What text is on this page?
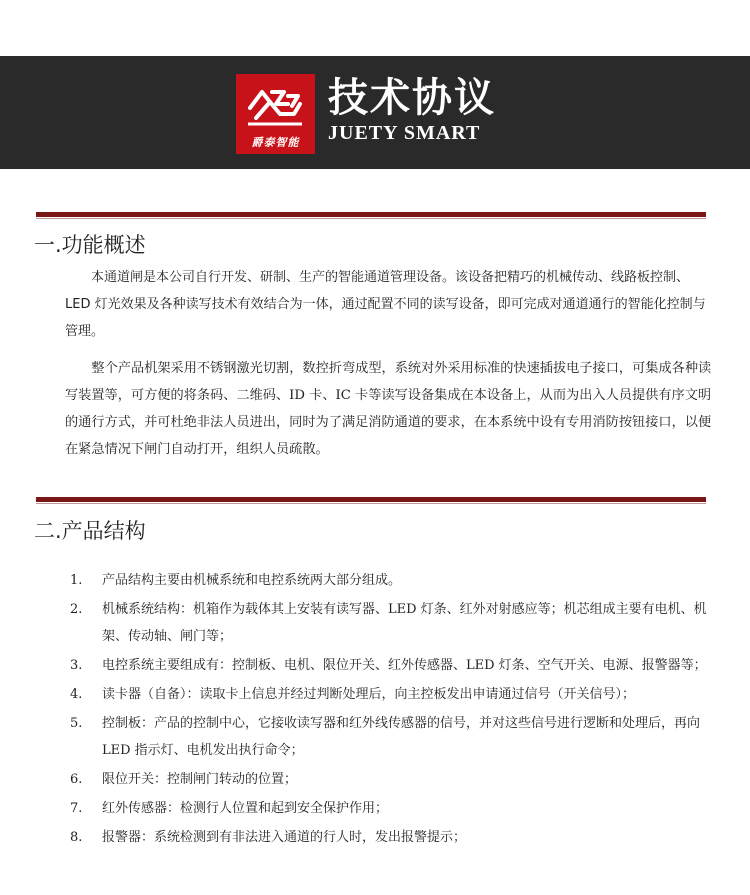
爵泰智能
技术协议
JUETY SMART
一.功能概述
本通道闸是本公司自行开发、研制、生产的智能通道管理设备。该设备把精巧的机械传动、线路板控制、LED 灯光效果及各种读写技术有效结合为一体，通过配置不同的读写设备，即可完成对通道通行的智能化控制与管理。
整个产品机架采用不锈钢激光切割，数控折弯成型，系统对外采用标准的快速插拔电子接口，可集成各种读写装置等，可方便的将条码、二维码、ID 卡、IC 卡等读写设备集成在本设备上，从而为出入人员提供有序文明的通行方式，并可杜绝非法人员进出，同时为了满足消防通道的要求，在本系统中设有专用消防按钮接口，以便在紧急情况下闸门自动打开，组织人员疏散。
二.产品结构
1. 产品结构主要由机械系统和电控系统两大部分组成。
2. 机械系统结构：机箱作为载体其上安装有读写器、LED 灯条、红外对射感应等；机芯组成主要有电机、机架、传动轴、闸门等；
3. 电控系统主要组成有：控制板、电机、限位开关、红外传感器、LED 灯条、空气开关、电源、报警器等；
4. 读卡器（自备）：读取卡上信息并经过判断处理后，向主控板发出申请通过信号（开关信号）；
5. 控制板：产品的控制中心，它接收读写器和红外线传感器的信号，并对这些信号进行逻断和处理后，再向 LED 指示灯、电机发出执行命令；
6. 限位开关：控制闸门转动的位置；
7. 红外传感器：检测行人位置和起到安全保护作用；
8. 报警器：系统检测到有非法进入通道的行人时，发出报警提示；
